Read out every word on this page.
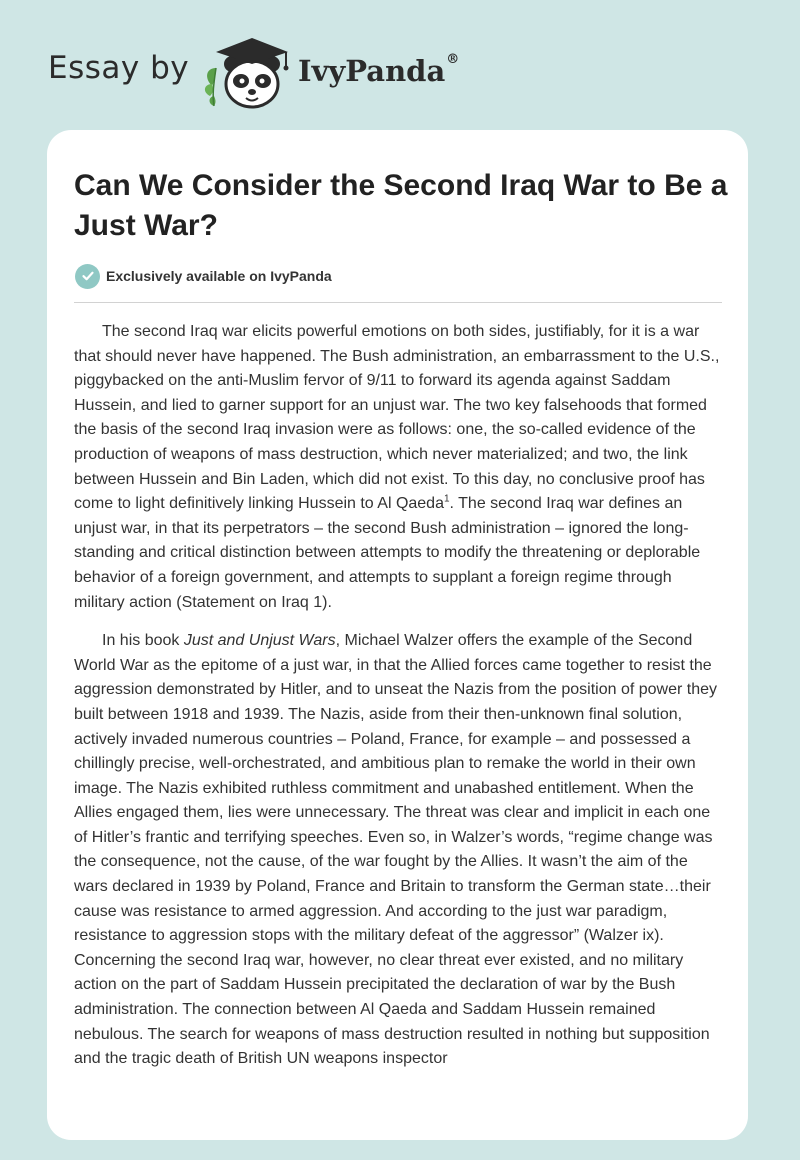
Essay by	IvyPanda®
Can We Consider the Second Iraq War to Be a Just War?
Exclusively available on IvyPanda

The second Iraq war elicits powerful emotions on both sides, justifiably, for it is a war that should never have happened. The Bush administration, an embarrassment to the U.S., piggybacked on the anti-Muslim fervor of 9/11 to forward its agenda against Saddam Hussein, and lied to garner support for an unjust war. The two key falsehoods that formed the basis of the second Iraq invasion were as follows: one, the so-called evidence of the production of weapons of mass destruction, which never materialized; and two, the link between Hussein and Bin Laden, which did not exist. To this day, no conclusive proof has come to light definitively linking Hussein to Al Qaeda$^1$. The second Iraq war defines an unjust war, in that its perpetrators – the second Bush administration – ignored the long-standing and critical distinction between attempts to modify the threatening or deplorable behavior of a foreign government, and attempts to supplant a foreign regime through military action (Statement on Iraq 1).

In his book Just and Unjust Wars, Michael Walzer offers the example of the Second World War as the epitome of a just war, in that the Allied forces came together to resist the aggression demonstrated by Hitler, and to unseat the Nazis from the position of power they built between 1918 and 1939. The Nazis, aside from their then-unknown final solution, actively invaded numerous countries – Poland, France, for example – and possessed a chillingly precise, well-orchestrated, and ambitious plan to remake the world in their own image. The Nazis exhibited ruthless commitment and unabashed entitlement. When the Allies engaged them, lies were unnecessary. The threat was clear and implicit in each one of Hitler’s frantic and terrifying speeches. Even so, in Walzer’s words, “regime change was the consequence, not the cause, of the war fought by the Allies. It wasn’t the aim of the wars declared in 1939 by Poland, France and Britain to transform the German state…their cause was resistance to armed aggression. And according to the just war paradigm, resistance to aggression stops with the military defeat of the aggressor” (Walzer ix). Concerning the second Iraq war, however, no clear threat ever existed, and no military action on the part of Saddam Hussein precipitated the declaration of war by the Bush administration. The connection between Al Qaeda and Saddam Hussein remained nebulous. The search for weapons of mass destruction resulted in nothing but supposition and the tragic death of British UN weapons inspector
